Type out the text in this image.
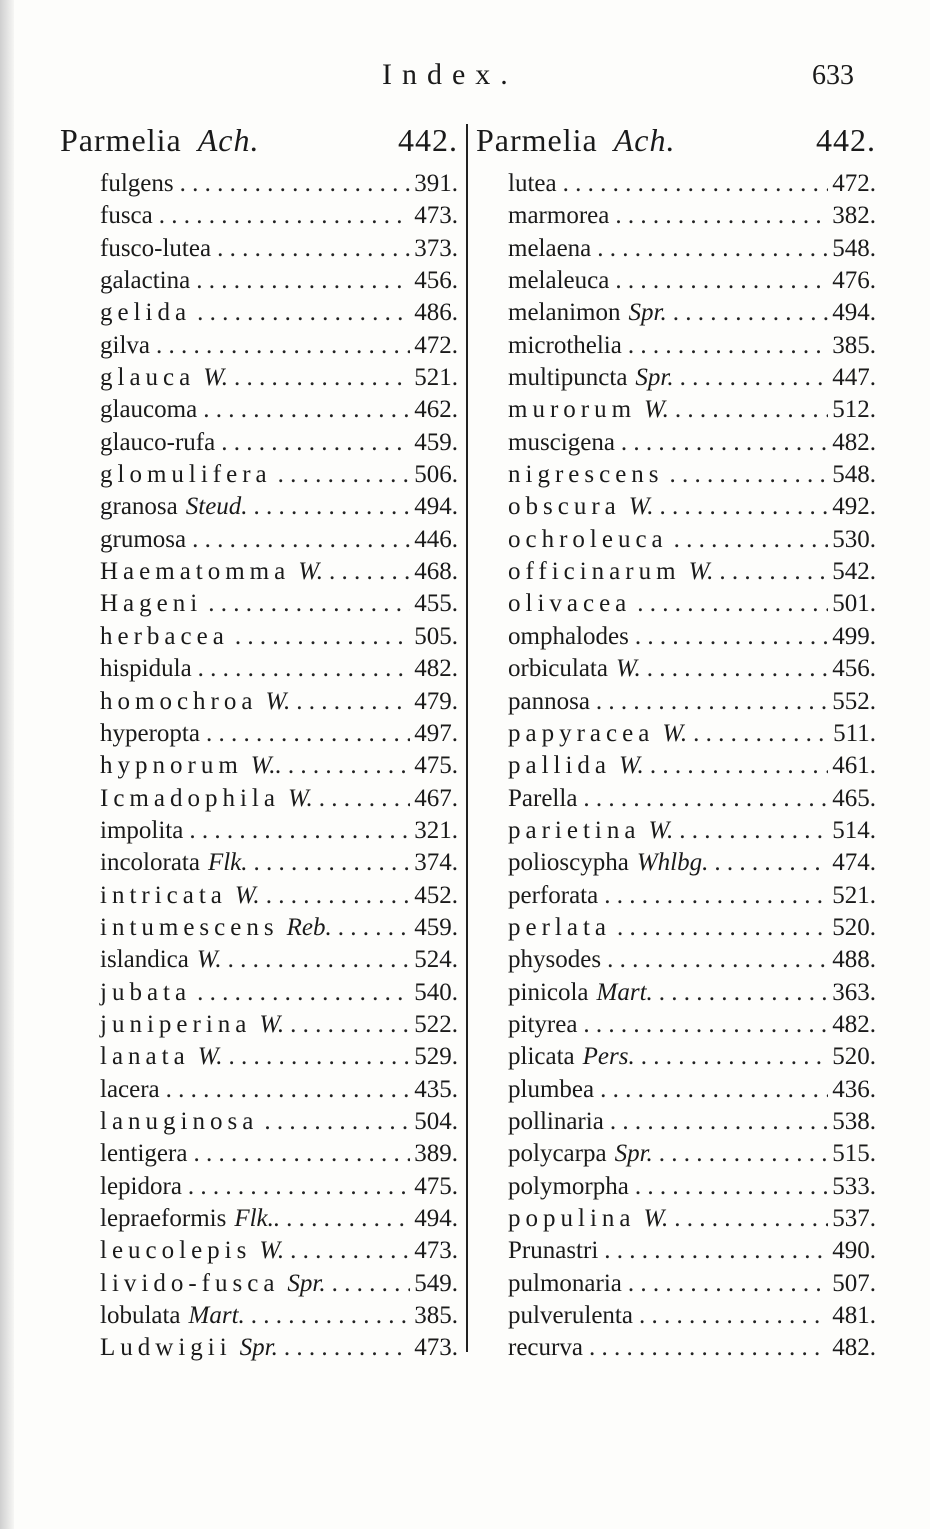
Index.	633
Parmelia Ach.	442.
fulgens . . .	391.
fusca . . .	473.
fusco-lutea . . .	373.
galactina . . .	456.
gelida . . .	486.
gilva . . .	472.
glauca W. . . .	521.
glaucoma . . .	462.
glauco-rufa . . .	459.
glomulifera . . .	506.
granosa Steud. . . .	494.
grumosa . . .	446.
Haematomma W. . . .	468.
Hageni . . .	455.
herbacea . . .	505.
hispidula . . .	482.
homochroa W. . . .	479.
hyperopta . . .	497.
hypnorum W.. . . .	475.
Icmadophila W. . . .	467.
impolita . . .	321.
incolorata Flk. . . .	374.
intricata W. . . .	452.
intumescens Reb. . . .	459.
islandica W. . . .	524.
jubata . . .	540.
juniperina W. . . .	522.
lanata W. . . .	529.
lacera . . .	435.
lanuginosa . . .	504.
lentigera . . .	389.
lepidora . . .	475.
lepraeformis Flk.. . . .	494.
leucolepis W. . . .	473.
livido-fusca Spr. . . .	549.
lobulata Mart. . . .	385.
Ludwigii Spr. . . .	473.
Parmelia Ach.	442.
lutea . . .	472.
marmorea . . .	382.
melaena . . .	548.
melaleuca . . .	476.
melanimon Spr. . . .	494.
microthelia . . .	385.
multipuncta Spr. . . .	447.
murorum W. . . .	512.
muscigena . . .	482.
nigrescens . . .	548.
obscura W. . . .	492.
ochroleuca . . .	530.
officinarum W. . . .	542.
olivacea . . .	501.
omphalodes . . .	499.
orbiculata W. . . .	456.
pannosa . . .	552.
papyracea W. . . .	511.
pallida W. . . .	461.
Parella . . .	465.
parietina W. . . .	514.
polioscypha Whlbg. . . .	474.
perforata . . .	521.
perlata . . .	520.
physodes . . .	488.
pinicola Mart. . . .	363.
pityrea . . .	482.
plicata Pers. . . .	520.
plumbea . . .	436.
pollinaria . . .	538.
polycarpa Spr. . . .	515.
polymorpha . . .	533.
populina W. . . .	537.
Prunastri . . .	490.
pulmonaria . . .	507.
pulverulenta . . .	481.
recurva . . .	482.
